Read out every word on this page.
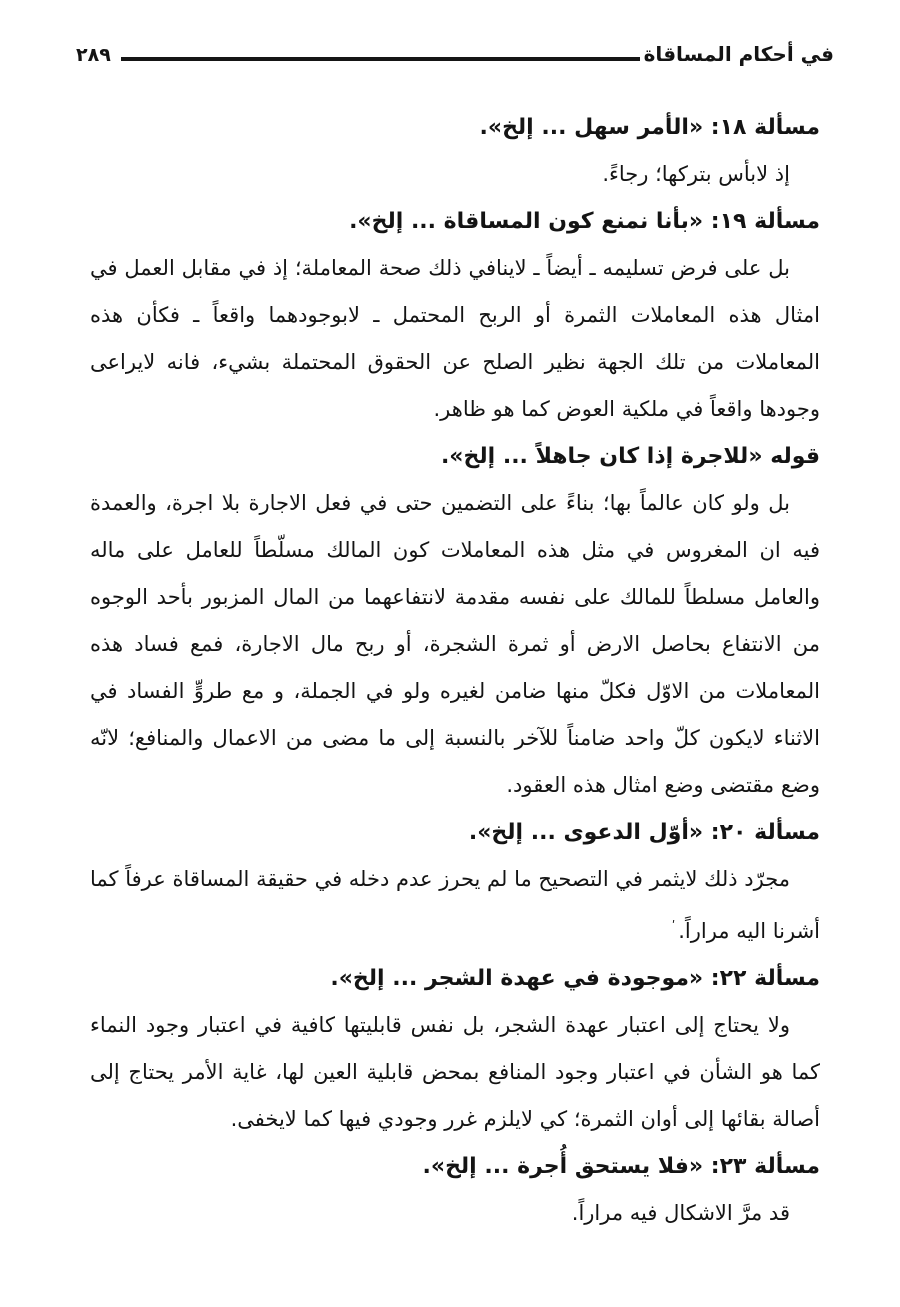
في أحكام المساقاة
٢٨٩
مسألة ١٨: «الأمر سهل ... إلخ».

إذ لابأس بتركها؛ رجاءً.

مسألة ١٩: «بأنا نمنع كون المساقاة ... إلخ».

بل على فرض تسليمه ـ أيضاً ـ لاينافي ذلك صحة المعاملة؛ إذ في مقابل العمل في امثال هذه المعاملات الثمرة أو الربح المحتمل ـ لابوجودهما واقعاً ـ فكأن هذه المعاملات من تلك الجهة نظير الصلح عن الحقوق المحتملة بشيء، فانه لايراعى وجودها واقعاً في ملكية العوض كما هو ظاهر.

قوله «للاجرة إذا كان جاهلاً ... إلخ».

بل ولو كان عالماً بها؛ بناءً على التضمين حتى في فعل الاجارة بلا اجرة، والعمدة فيه ان المغروس في مثل هذه المعاملات كون المالك مسلّطاً للعامل على ماله والعامل مسلطاً للمالك على نفسه مقدمة لانتفاعهما من المال المزبور بأحد الوجوه من الانتفاع بحاصل الارض أو ثمرة الشجرة، أو ربح مال الاجارة، فمع فساد هذه المعاملات من الاوّل فكلّ منها ضامن لغيره ولو في الجملة، و مع طروٍّ الفساد في الاثناء لايكون كلّ واحد ضامناً للآخر بالنسبة إلى ما مضى من الاعمال والمنافع؛ لانّه وضع مقتضى وضع امثال هذه العقود.

مسألة ٢٠: «أوّل الدعوى ... إلخ».

مجرّد ذلك لايثمر في التصحيح ما لم يحرز عدم دخله في حقيقة المساقاة عرفاً كما أشرنا اليه مراراً.$^ʹ$

مسألة ٢٢: «موجودة في عهدة الشجر ... إلخ».

ولا يحتاج إلى اعتبار عهدة الشجر، بل نفس قابليتها كافية في اعتبار وجود النماء كما هو الشأن في اعتبار وجود المنافع بمحض قابلية العين لها، غاية الأمر يحتاج إلى أصالة بقائها إلى أوان الثمرة؛ كي لايلزم غرر وجودي فيها كما لايخفى.

مسألة ٢٣: «فلا يستحق أُجرة ... إلخ».

قد مرَّ الاشكال فيه مراراً.
